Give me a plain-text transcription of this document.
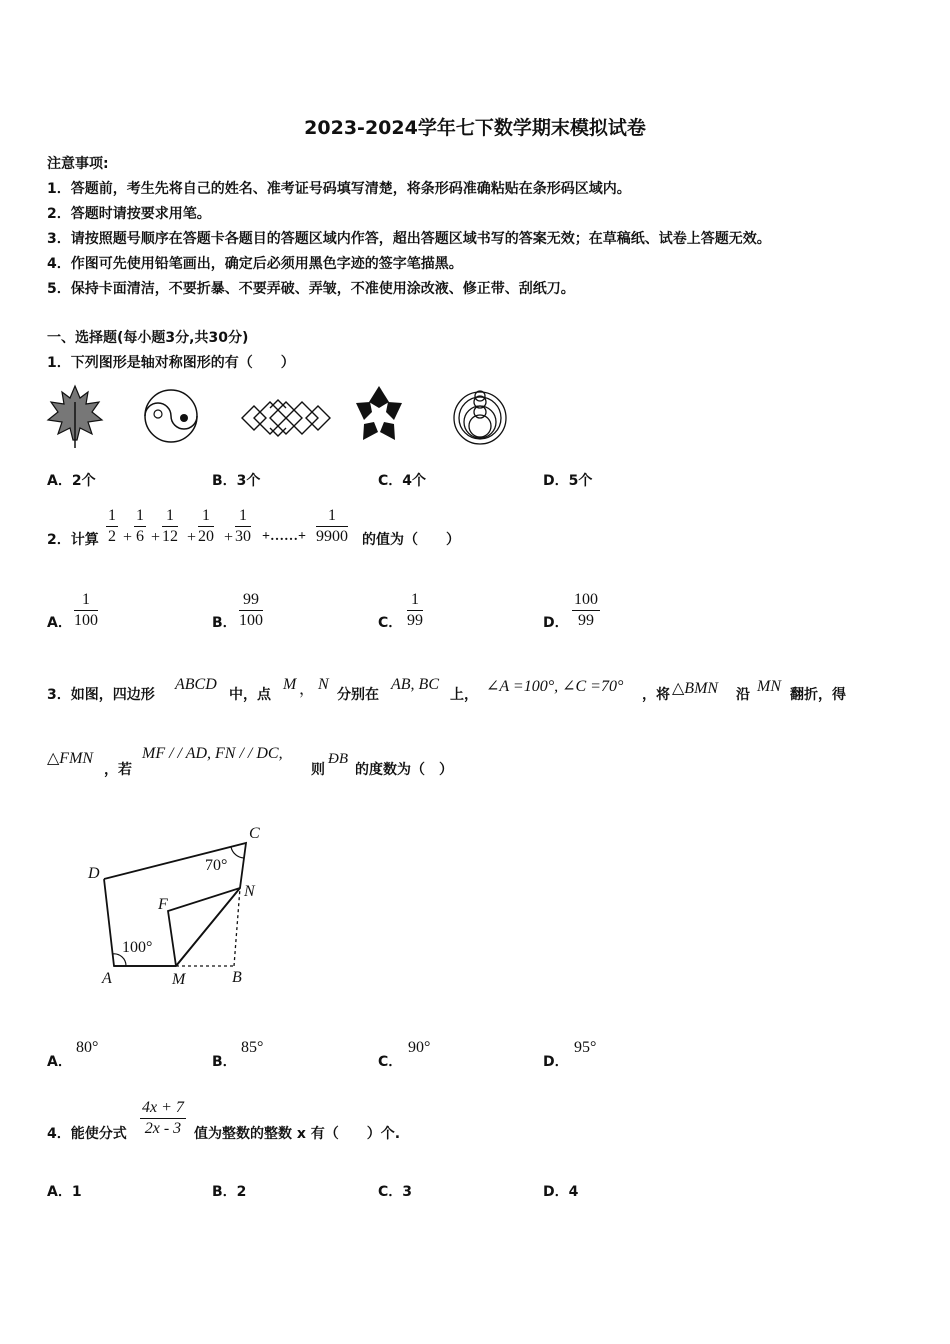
2023-2024学年七下数学期末模拟试卷
注意事项:
1．答题前，考生先将自己的姓名、准考证号码填写清楚，将条形码准确粘贴在条形码区域内。
2．答题时请按要求用笔。
3．请按照题号顺序在答题卡各题目的答题区域内作答，超出答题区域书写的答案无效；在草稿纸、试卷上答题无效。
4．作图可先使用铅笔画出，确定后必须用黑色字迹的签字笔描黑。
5．保持卡面清洁，不要折暴、不要弄破、弄皱，不准使用涂改液、修正带、刮纸刀。
一、选择题(每小题3分,共30分)
1．下列图形是轴对称图形的有（　　）
A．2个	B．3个	C．4个	D．5个
2．计算 $\frac{1}{2} + \frac{1}{6} + \frac{1}{12} + \frac{1}{20} + \frac{1}{30}$ +……+ $\frac{1}{9900}$ 的值为（　　）
A． $\frac{1}{100}$	B． $\frac{99}{100}$	C． $\frac{1}{99}$	D． $\frac{100}{99}$
3．如图，四边形
ABCD
中，点
M ， N
分别在
AB, BC
上， ∠A =100°, ∠C =70° ，将 △BMN 沿 MN 翻折，得
△FMN
，若
MF / / AD, FN / / DC,
则
ÐB
的度数为（　）
C
D
N
F
A	M	B
70°
100°
A．
80°
B．
85°
C．
90°
D．
95°
4．能使分式 $\frac{4x + 7}{2x - 3}$ 值为整数的整数 x 有（　　）个.
A．1	B．2	C．3	D．4
